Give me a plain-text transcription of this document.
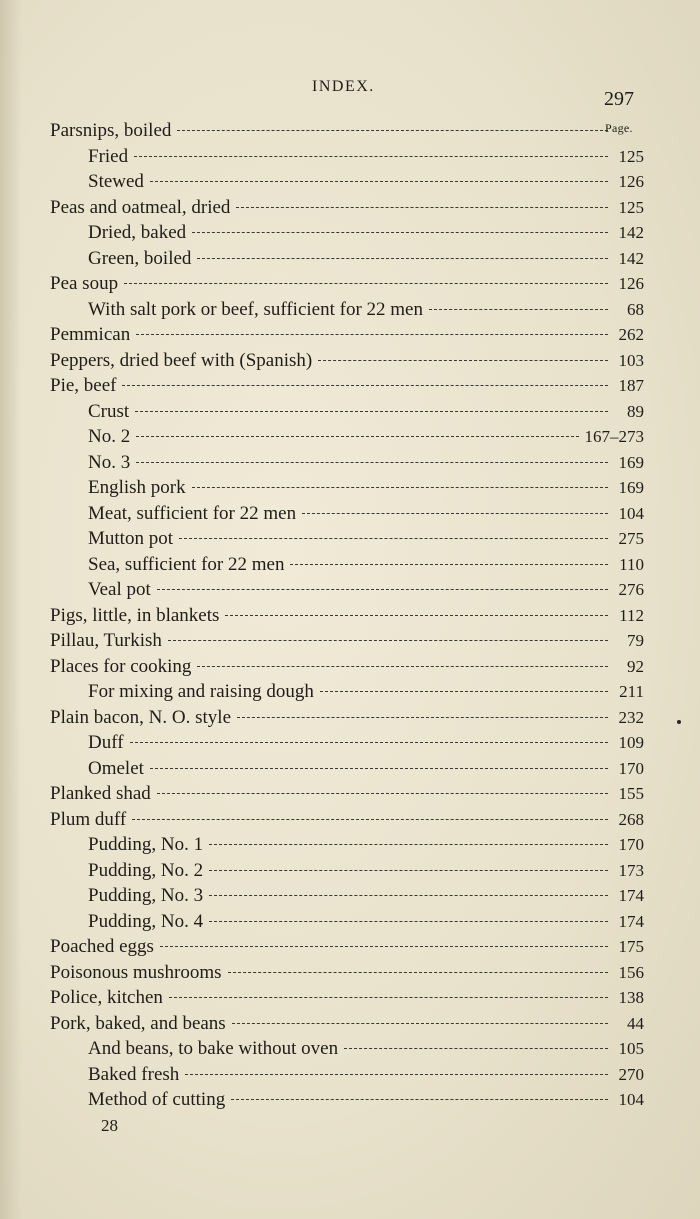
INDEX.
297
Page.
Parsnips, boiled
Fried	125
Stewed	126
Peas and oatmeal, dried	125
Dried, baked	142
Green, boiled	142
Pea soup	126
With salt pork or beef, sufficient for 22 men	68
Pemmican	262
Peppers, dried beef with (Spanish)	103
Pie, beef	187
Crust	89
No. 2	167–273
No. 3	169
English pork	169
Meat, sufficient for 22 men	104
Mutton pot	275
Sea, sufficient for 22 men	110
Veal pot	276
Pigs, little, in blankets	112
Pillau, Turkish	79
Places for cooking	92
For mixing and raising dough	211
Plain bacon, N. O. style	232
Duff	109
Omelet	170
Planked shad	155
Plum duff	268
Pudding, No. 1	170
Pudding, No. 2	173
Pudding, No. 3	174
Pudding, No. 4	174
Poached eggs	175
Poisonous mushrooms	156
Police, kitchen	138
Pork, baked, and beans	44
And beans, to bake without oven	105
Baked fresh	270
Method of cutting	104
28
